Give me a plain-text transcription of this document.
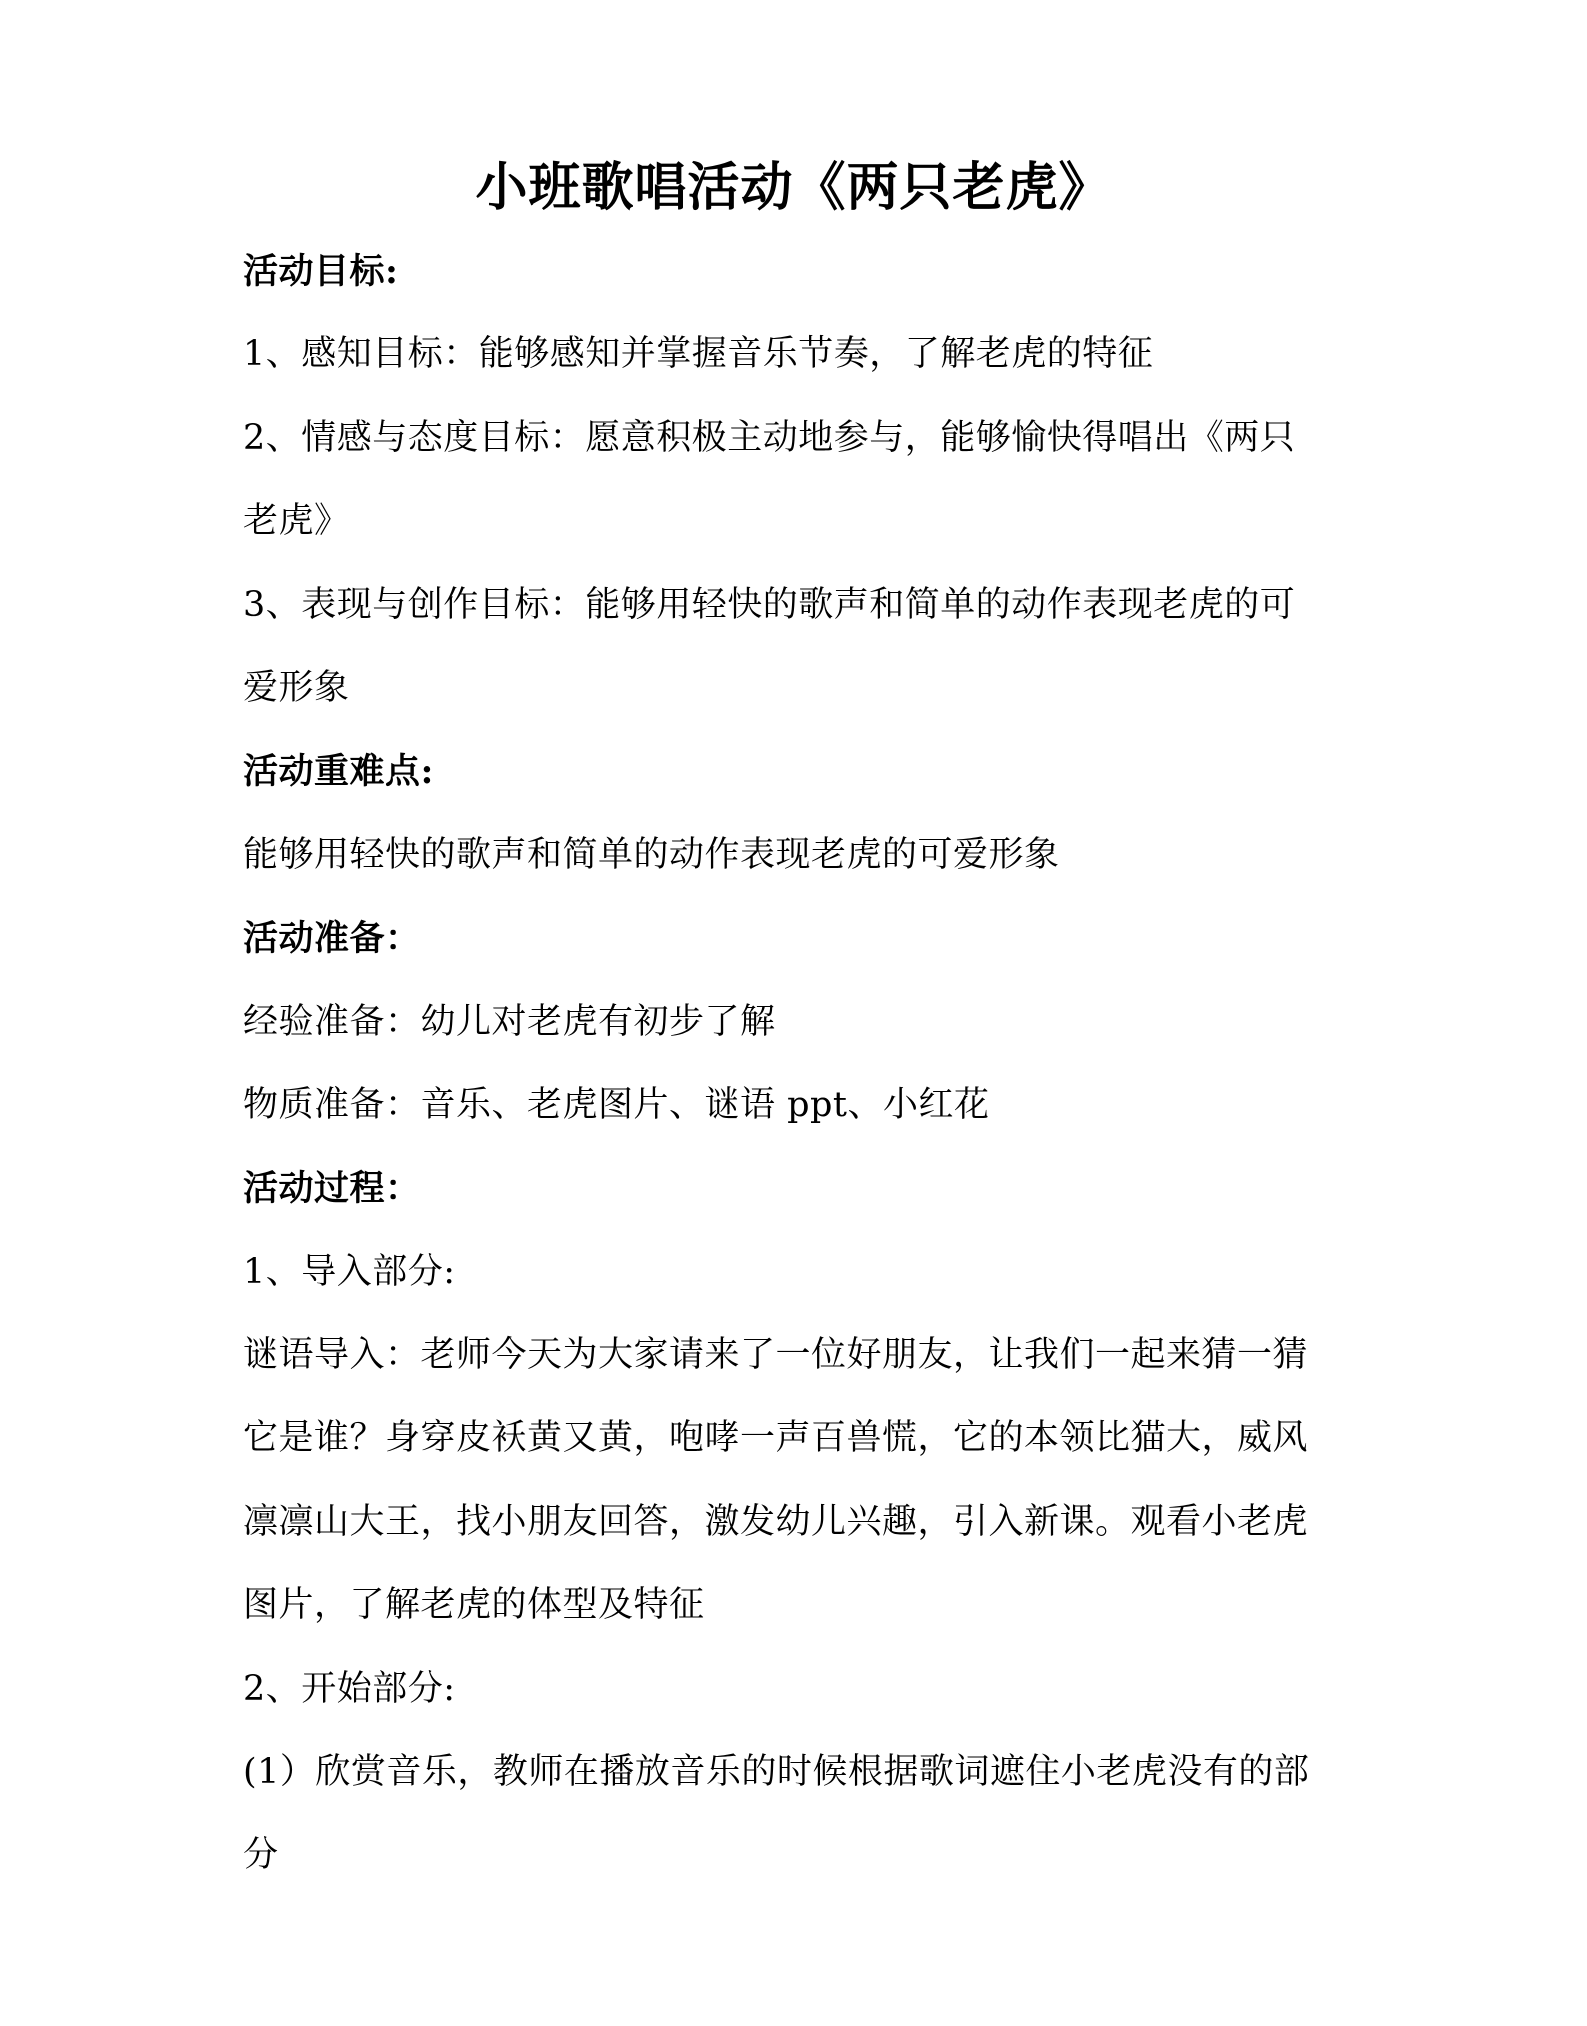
小班歌唱活动《两只老虎》
活动目标:
1、感知目标：能够感知并掌握音乐节奏，了解老虎的特征
2、情感与态度目标：愿意积极主动地参与，能够愉快得唱出《两只
老虎》
3、表现与创作目标：能够用轻快的歌声和简单的动作表现老虎的可
爱形象
活动重难点:
能够用轻快的歌声和简单的动作表现老虎的可爱形象
活动准备：
经验准备：幼儿对老虎有初步了解
物质准备：音乐、老虎图片、谜语 ppt、小红花
活动过程：
1、导入部分:
谜语导入：老师今天为大家请来了一位好朋友，让我们一起来猜一猜
它是谁？身穿皮袄黄又黄，咆哮一声百兽慌，它的本领比猫大，威风
凛凛山大王，找小朋友回答，激发幼儿兴趣，引入新课。观看小老虎
图片，了解老虎的体型及特征
2、开始部分:
(1）欣赏音乐，教师在播放音乐的时候根据歌词遮住小老虎没有的部
分
